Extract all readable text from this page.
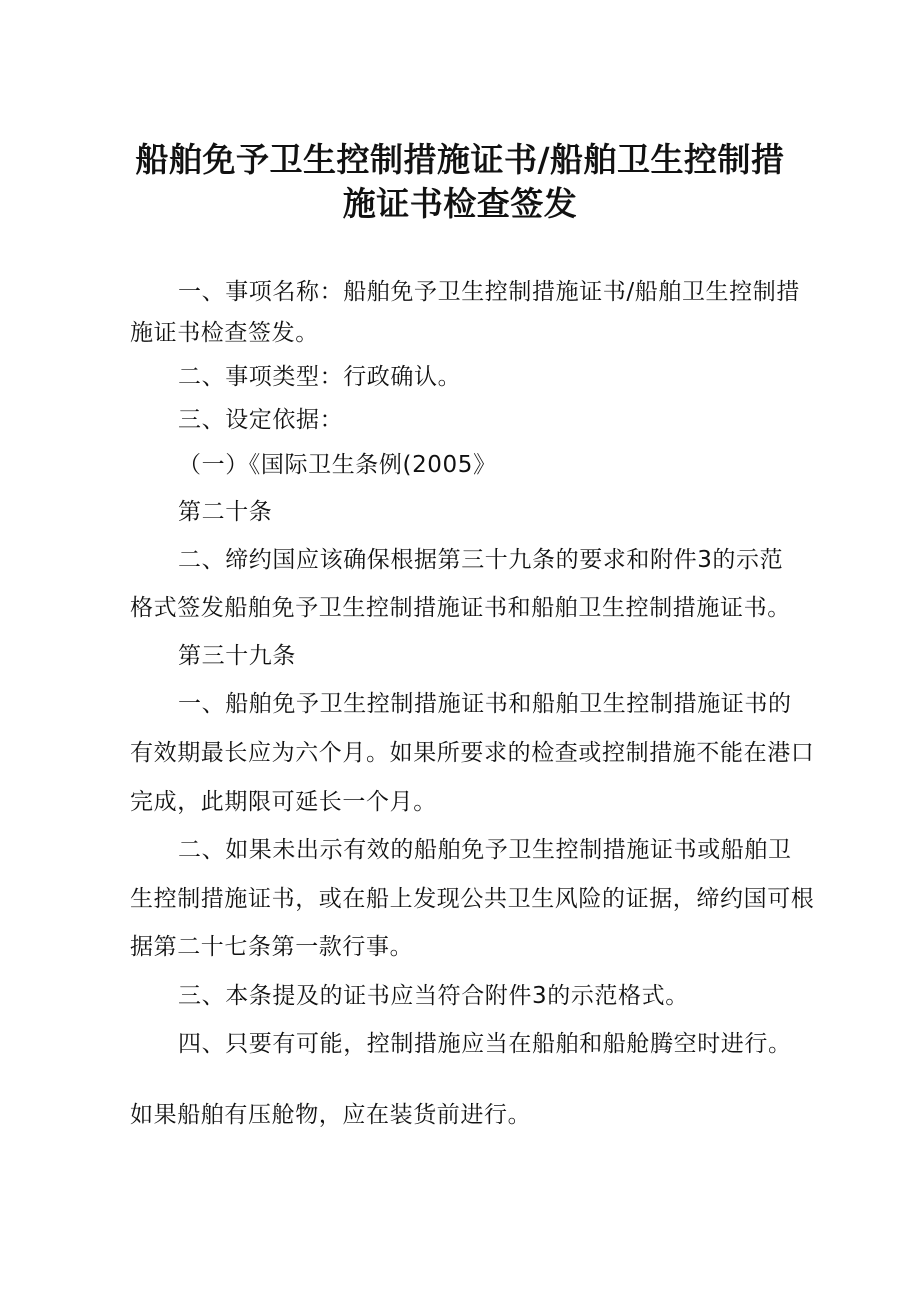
船舶免予卫生控制措施证书/船舶卫生控制措
施证书检查签发
一、事项名称：船舶免予卫生控制措施证书/船舶卫生控制措
施证书检查签发。
二、事项类型：行政确认。
三、设定依据：
（一）《国际卫生条例(2005》
第二十条
二、缔约国应该确保根据第三十九条的要求和附件3的示范
格式签发船舶免予卫生控制措施证书和船舶卫生控制措施证书。
第三十九条
一、船舶免予卫生控制措施证书和船舶卫生控制措施证书的
有效期最长应为六个月。如果所要求的检查或控制措施不能在港口
完成，此期限可延长一个月。
二、如果未出示有效的船舶免予卫生控制措施证书或船舶卫
生控制措施证书，或在船上发现公共卫生风险的证据，缔约国可根
据第二十七条第一款行事。
三、本条提及的证书应当符合附件3的示范格式。
四、只要有可能，控制措施应当在船舶和船舱腾空时进行。
如果船舶有压舱物，应在装货前进行。
